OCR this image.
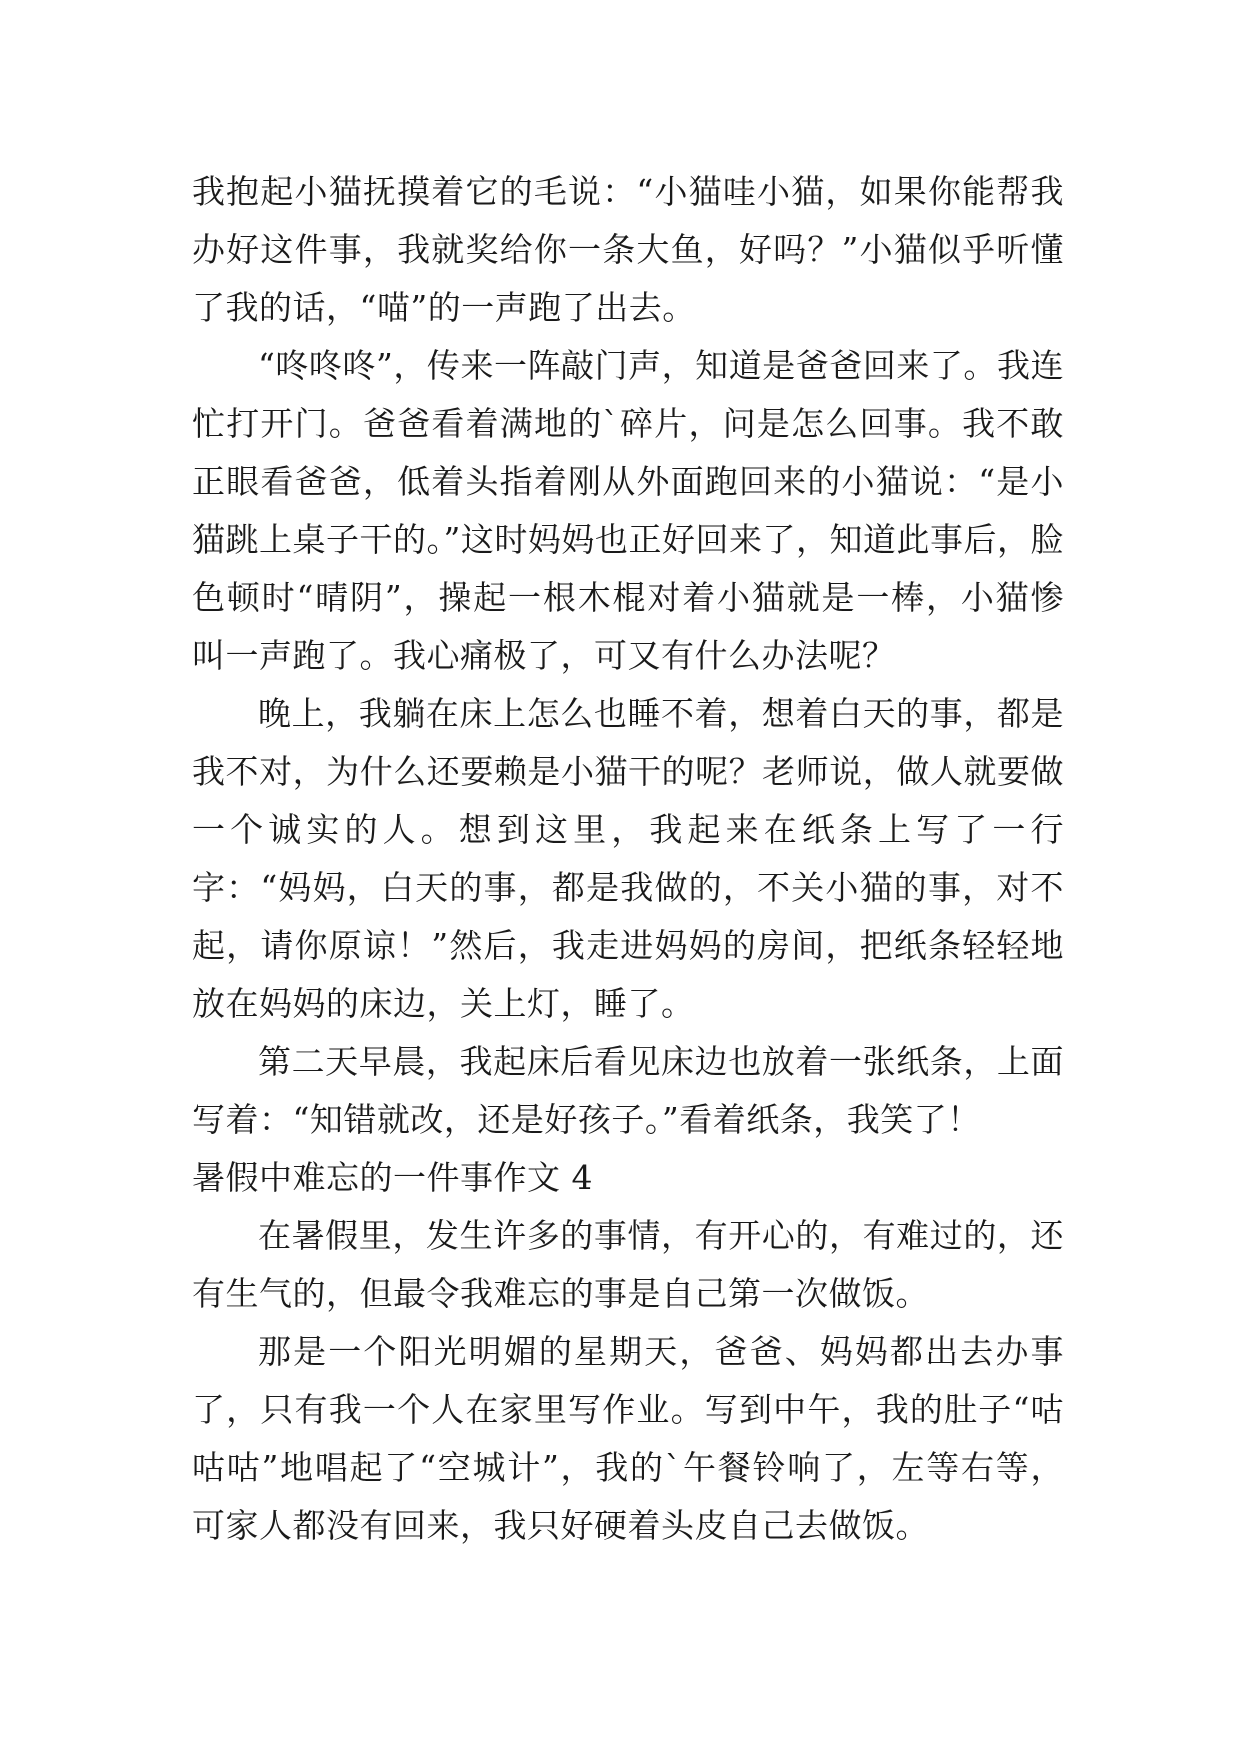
我抱起小猫抚摸着它的毛说：“小猫哇小猫，如果你能帮我办好这件事，我就奖给你一条大鱼，好吗？”小猫似乎听懂了我的话，“喵”的一声跑了出去。

“咚咚咚”，传来一阵敲门声，知道是爸爸回来了。我连忙打开门。爸爸看着满地的`碎片，问是怎么回事。我不敢正眼看爸爸，低着头指着刚从外面跑回来的小猫说：“是小猫跳上桌子干的。”这时妈妈也正好回来了，知道此事后，脸色顿时“晴阴”，操起一根木棍对着小猫就是一棒，小猫惨叫一声跑了。我心痛极了，可又有什么办法呢？

晚上，我躺在床上怎么也睡不着，想着白天的事，都是我不对，为什么还要赖是小猫干的呢？老师说，做人就要做一个诚实的人。想到这里，我起来在纸条上写了一行字：“妈妈，白天的事，都是我做的，不关小猫的事，对不起，请你原谅！”然后，我走进妈妈的房间，把纸条轻轻地放在妈妈的床边，关上灯，睡了。

第二天早晨，我起床后看见床边也放着一张纸条，上面写着：“知错就改，还是好孩子。”看着纸条，我笑了！

暑假中难忘的一件事作文 4

在暑假里，发生许多的事情，有开心的，有难过的，还有生气的，但最令我难忘的事是自己第一次做饭。

那是一个阳光明媚的星期天，爸爸、妈妈都出去办事了，只有我一个人在家里写作业。写到中午，我的肚子“咕咕咕”地唱起了“空城计”，我的`午餐铃响了，左等右等，可家人都没有回来，我只好硬着头皮自己去做饭。
